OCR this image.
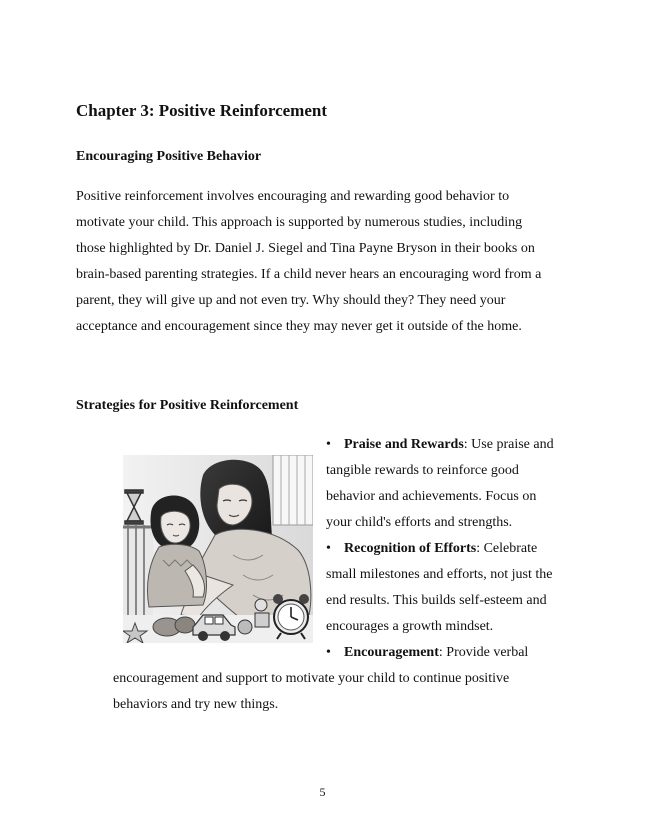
Chapter 3: Positive Reinforcement
Encouraging Positive Behavior

Positive reinforcement involves encouraging and rewarding good behavior to
motivate your child. This approach is supported by numerous studies, including
those highlighted by Dr. Daniel J. Siegel and Tina Payne Bryson in their books on
brain-based parenting strategies. If a child never hears an encouraging word from a
parent, they will give up and not even try. Why should they? They need your
acceptance and encouragement since they may never get it outside of the home.

Strategies for Positive Reinforcement
• Praise and Rewards: Use praise and
tangible rewards to reinforce good
behavior and achievements. Focus on
your child's efforts and strengths.
• Recognition of Efforts: Celebrate
small milestones and efforts, not just the
end results. This builds self-esteem and
encourages a growth mindset.
• Encouragement: Provide verbal
encouragement and support to motivate your child to continue positive
behaviors and try new things.
5
